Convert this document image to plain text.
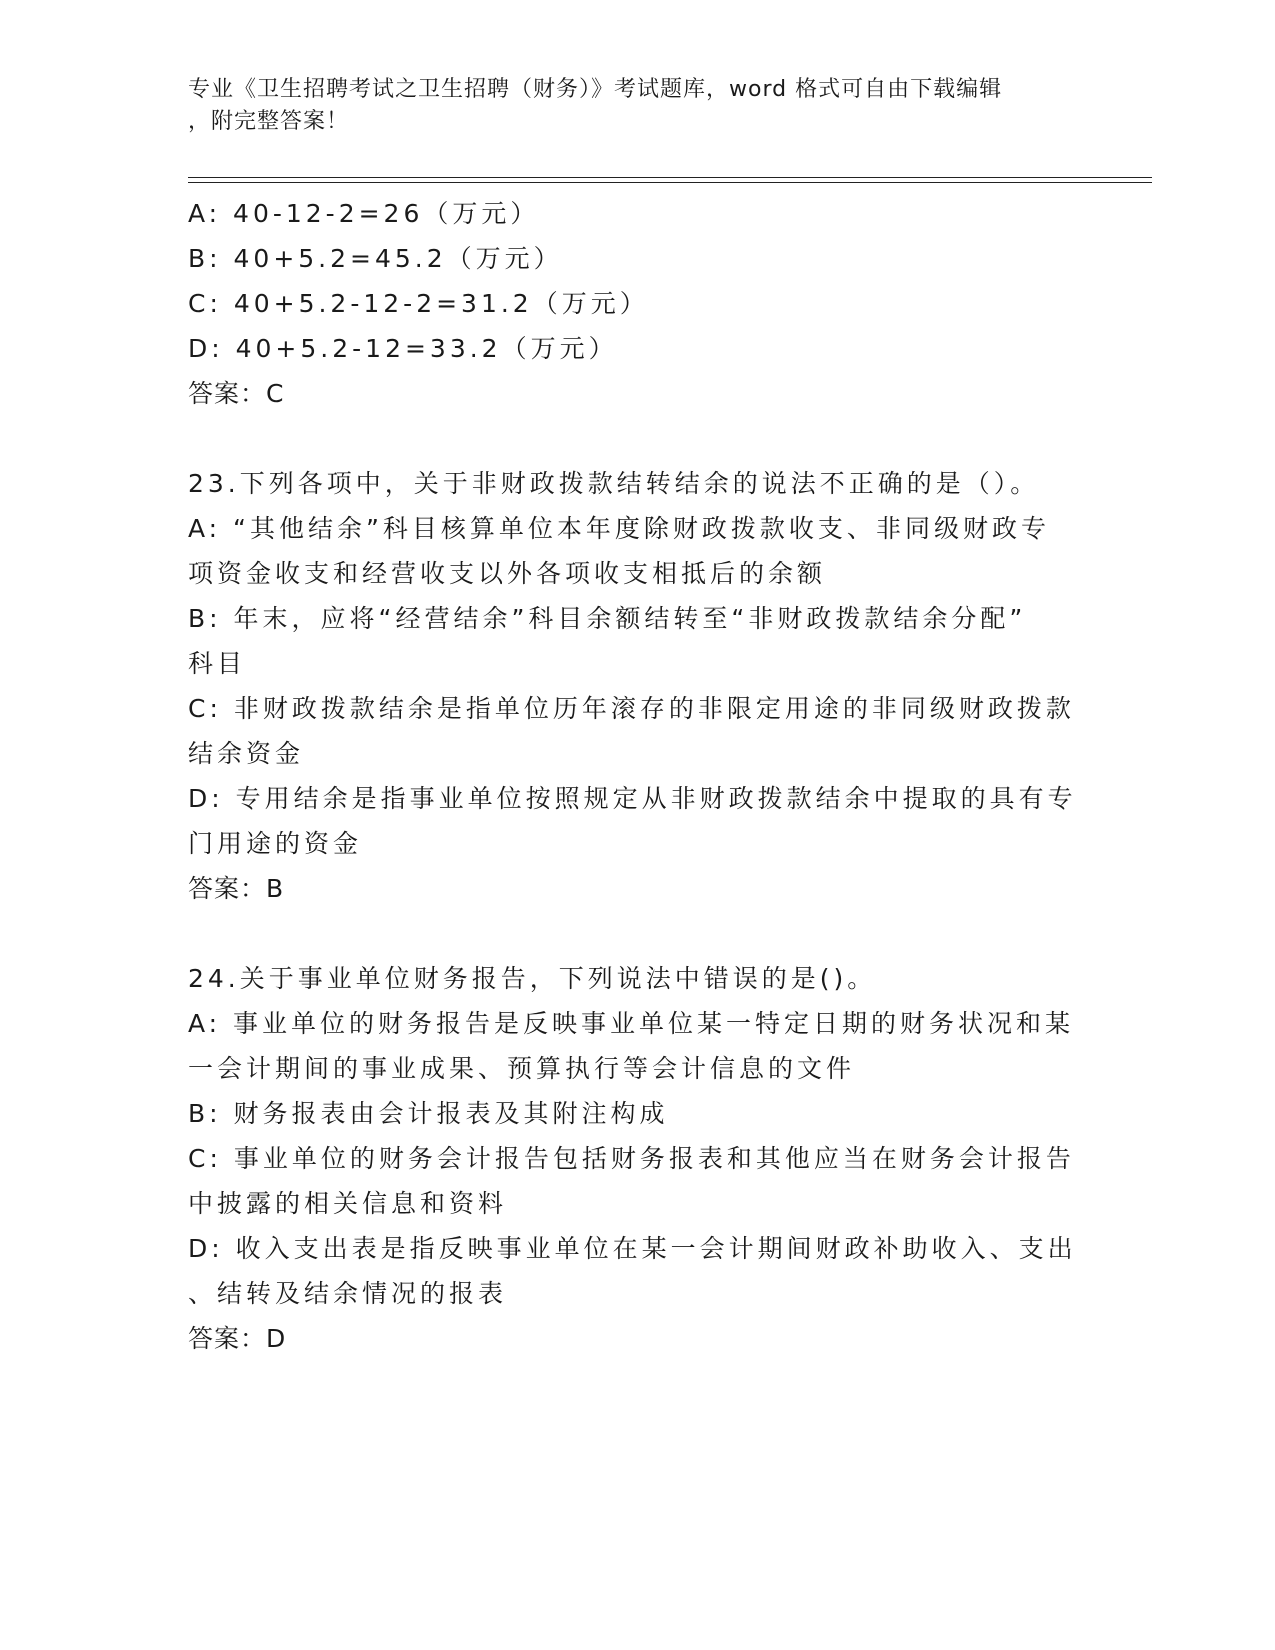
专业《卫生招聘考试之卫生招聘（财务）》考试题库，word 格式可自由下载编辑
，附完整答案！

A: 40-12-2=26（万元）

B: 40+5.2=45.2（万元）

C: 40+5.2-12-2=31.2（万元）

D: 40+5.2-12=33.2（万元）

答案：C

23.下列各项中，关于非财政拨款结转结余的说法不正确的是（）。

A: “其他结余”科目核算单位本年度除财政拨款收支、非同级财政专

项资金收支和经营收支以外各项收支相抵后的余额

B: 年末，应将“经营结余”科目余额结转至“非财政拨款结余分配”

科目

C: 非财政拨款结余是指单位历年滚存的非限定用途的非同级财政拨款

结余资金

D: 专用结余是指事业单位按照规定从非财政拨款结余中提取的具有专

门用途的资金

答案：B

24.关于事业单位财务报告，下列说法中错误的是()。

A: 事业单位的财务报告是反映事业单位某一特定日期的财务状况和某

一会计期间的事业成果、预算执行等会计信息的文件

B: 财务报表由会计报表及其附注构成

C: 事业单位的财务会计报告包括财务报表和其他应当在财务会计报告

中披露的相关信息和资料

D: 收入支出表是指反映事业单位在某一会计期间财政补助收入、支出

、结转及结余情况的报表

答案：D
